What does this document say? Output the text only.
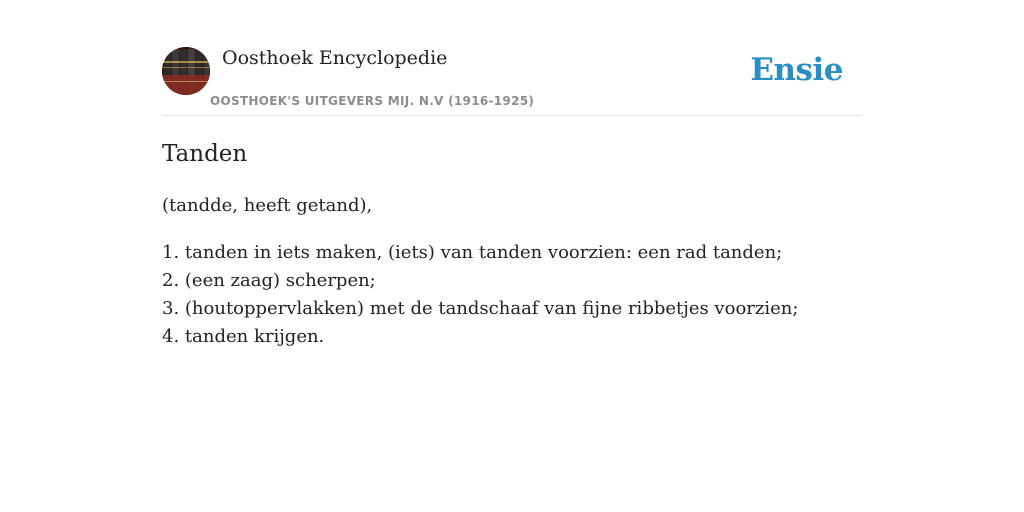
Oosthoek Encyclopedie
OOSTHOEK'S UITGEVERS MIJ. N.V (1916-1925)
Ensie
Tanden
(tandde, heeft getand),
1. tanden in iets maken, (iets) van tanden voorzien: een rad tanden;
2. (een zaag) scherpen;
3. (houtoppervlakken) met de tandschaaf van fijne ribbetjes voorzien;
4. tanden krijgen.
